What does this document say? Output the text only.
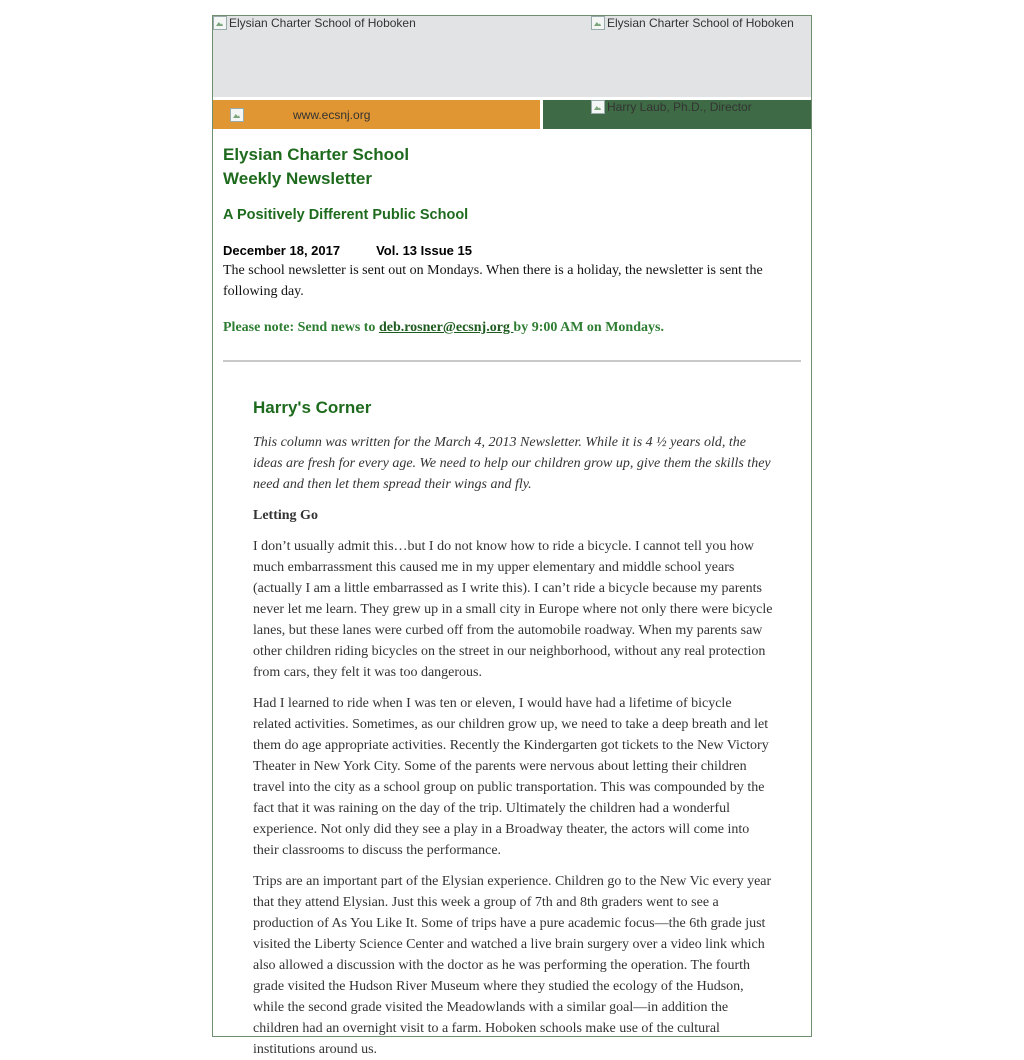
Elysian Charter School of Hoboken	Elysian Charter School of Hoboken
www.ecsnj.org
Harry Laub, Ph.D., Director

Elysian Charter School

Weekly Newsletter

A Positively Different Public School

December 18, 2017	Vol. 13 Issue 15

The school newsletter is sent out on Mondays. When there is a holiday, the newsletter is sent the following day.

Please note: Send news to deb.rosner@ecsnj.org by 9:00 AM on Mondays.
Harry's Corner

This column was written for the March 4, 2013 Newsletter. While it is 4 ½ years old, the ideas are fresh for every age. We need to help our children grow up, give them the skills they need and then let them spread their wings and fly.

Letting Go

I don’t usually admit this…but I do not know how to ride a bicycle. I cannot tell you how much embarrassment this caused me in my upper elementary and middle school years (actually I am a little embarrassed as I write this). I can’t ride a bicycle because my parents never let me learn. They grew up in a small city in Europe where not only there were bicycle lanes, but these lanes were curbed off from the automobile roadway. When my parents saw other children riding bicycles on the street in our neighborhood, without any real protection from cars, they felt it was too dangerous.

Had I learned to ride when I was ten or eleven, I would have had a lifetime of bicycle related activities. Sometimes, as our children grow up, we need to take a deep breath and let them do age appropriate activities. Recently the Kindergarten got tickets to the New Victory Theater in New York City. Some of the parents were nervous about letting their children travel into the city as a school group on public transportation. This was compounded by the fact that it was raining on the day of the trip. Ultimately the children had a wonderful experience. Not only did they see a play in a Broadway theater, the actors will come into their classrooms to discuss the performance.

Trips are an important part of the Elysian experience. Children go to the New Vic every year that they attend Elysian. Just this week a group of 7th and 8th graders went to see a production of As You Like It. Some of trips have a pure academic focus—the 6th grade just visited the Liberty Science Center and watched a live brain surgery over a video link which also allowed a discussion with the doctor as he was performing the operation. The fourth grade visited the Hudson River Museum where they studied the ecology of the Hudson, while the second grade visited the Meadowlands with a similar goal—in addition the children had an overnight visit to a farm. Hoboken schools make use of the cultural institutions around us.
